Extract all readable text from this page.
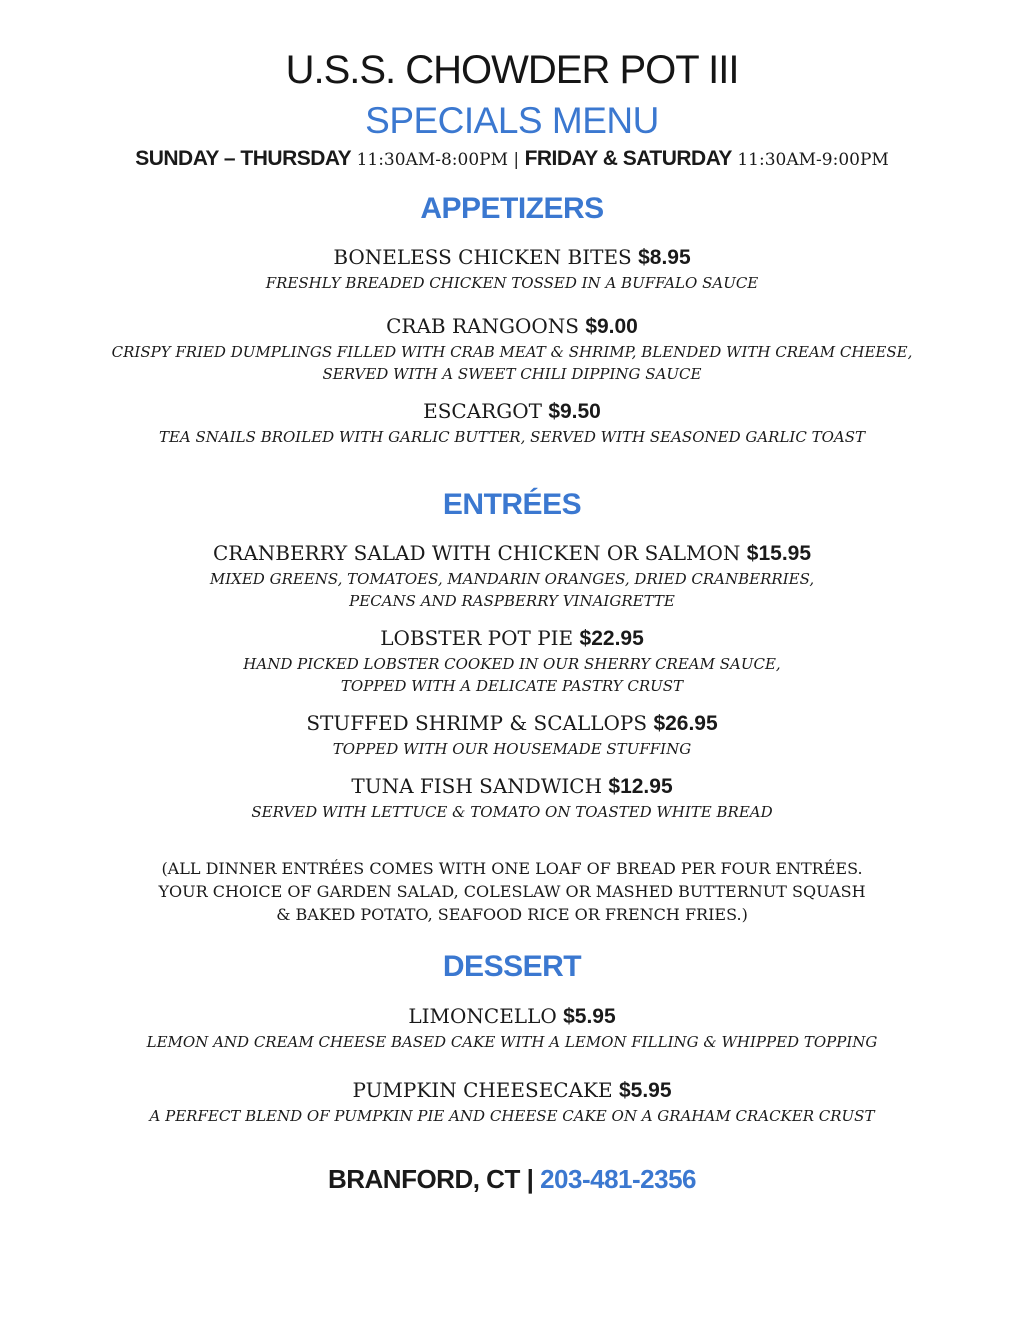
U.S.S. CHOWDER POT III
SPECIALS MENU
SUNDAY – THURSDAY 11:30AM-8:00PM | FRIDAY & SATURDAY 11:30AM-9:00PM
APPETIZERS
BONELESS CHICKEN BITES $8.95
FRESHLY BREADED CHICKEN TOSSED IN A BUFFALO SAUCE
CRAB RANGOONS $9.00
CRISPY FRIED DUMPLINGS FILLED WITH CRAB MEAT & SHRIMP, BLENDED WITH CREAM CHEESE,
SERVED WITH A SWEET CHILI DIPPING SAUCE
ESCARGOT $9.50
TEA SNAILS BROILED WITH GARLIC BUTTER, SERVED WITH SEASONED GARLIC TOAST
ENTRÉES
CRANBERRY SALAD WITH CHICKEN OR SALMON $15.95
MIXED GREENS, TOMATOES, MANDARIN ORANGES, DRIED CRANBERRIES,
PECANS AND RASPBERRY VINAIGRETTE
LOBSTER POT PIE $22.95
HAND PICKED LOBSTER COOKED IN OUR SHERRY CREAM SAUCE,
TOPPED WITH A DELICATE PASTRY CRUST
STUFFED SHRIMP & SCALLOPS $26.95
TOPPED WITH OUR HOUSEMADE STUFFING
TUNA FISH SANDWICH $12.95
SERVED WITH LETTUCE & TOMATO ON TOASTED WHITE BREAD
(ALL DINNER ENTRÉES COMES WITH ONE LOAF OF BREAD PER FOUR ENTRÉES.
YOUR CHOICE OF GARDEN SALAD, COLESLAW OR MASHED BUTTERNUT SQUASH
& BAKED POTATO, SEAFOOD RICE OR FRENCH FRIES.)
DESSERT
LIMONCELLO $5.95
LEMON AND CREAM CHEESE BASED CAKE WITH A LEMON FILLING & WHIPPED TOPPING
PUMPKIN CHEESECAKE $5.95
A PERFECT BLEND OF PUMPKIN PIE AND CHEESE CAKE ON A GRAHAM CRACKER CRUST
BRANFORD, CT | 203-481-2356
